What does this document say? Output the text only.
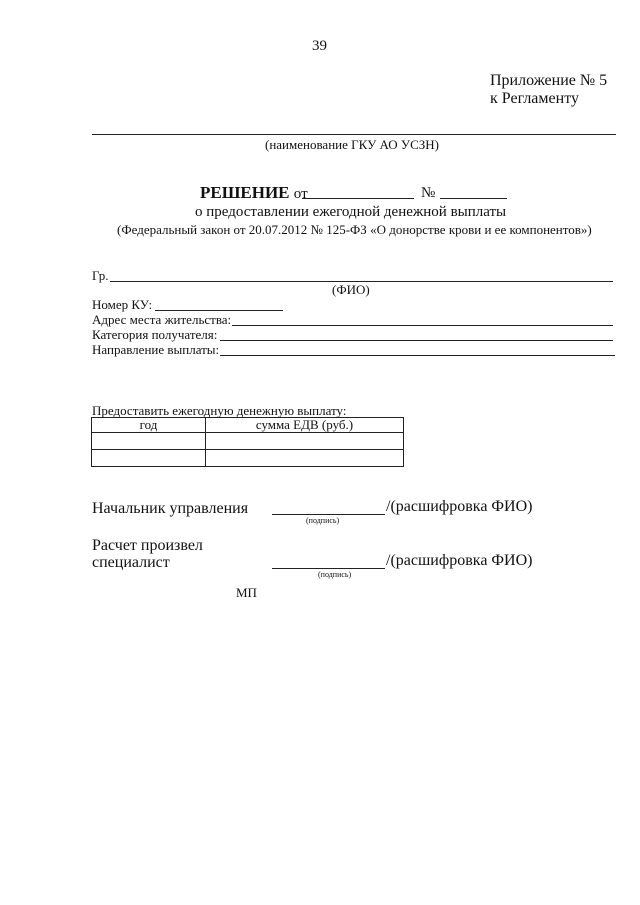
39
Приложение № 5
к Регламенту
(наименование ГКУ АО УСЗН)
РЕШЕНИЕ от	№
о предоставлении ежегодной денежной выплаты
(Федеральный закон от 20.07.2012 № 125-ФЗ «О донорстве крови и ее компонентов»)
Гр.
(ФИО)
Номер КУ:
Адрес места жительства:
Категория получателя:
Направление выплаты:
Предоставить ежегодную денежную выплату:
год	сумма ЕДВ (руб.)

Начальник управления	/(расшифровка ФИО)
(подпись)
Расчет произвел
специалист	/(расшифровка ФИО)
(подпись)
МП
